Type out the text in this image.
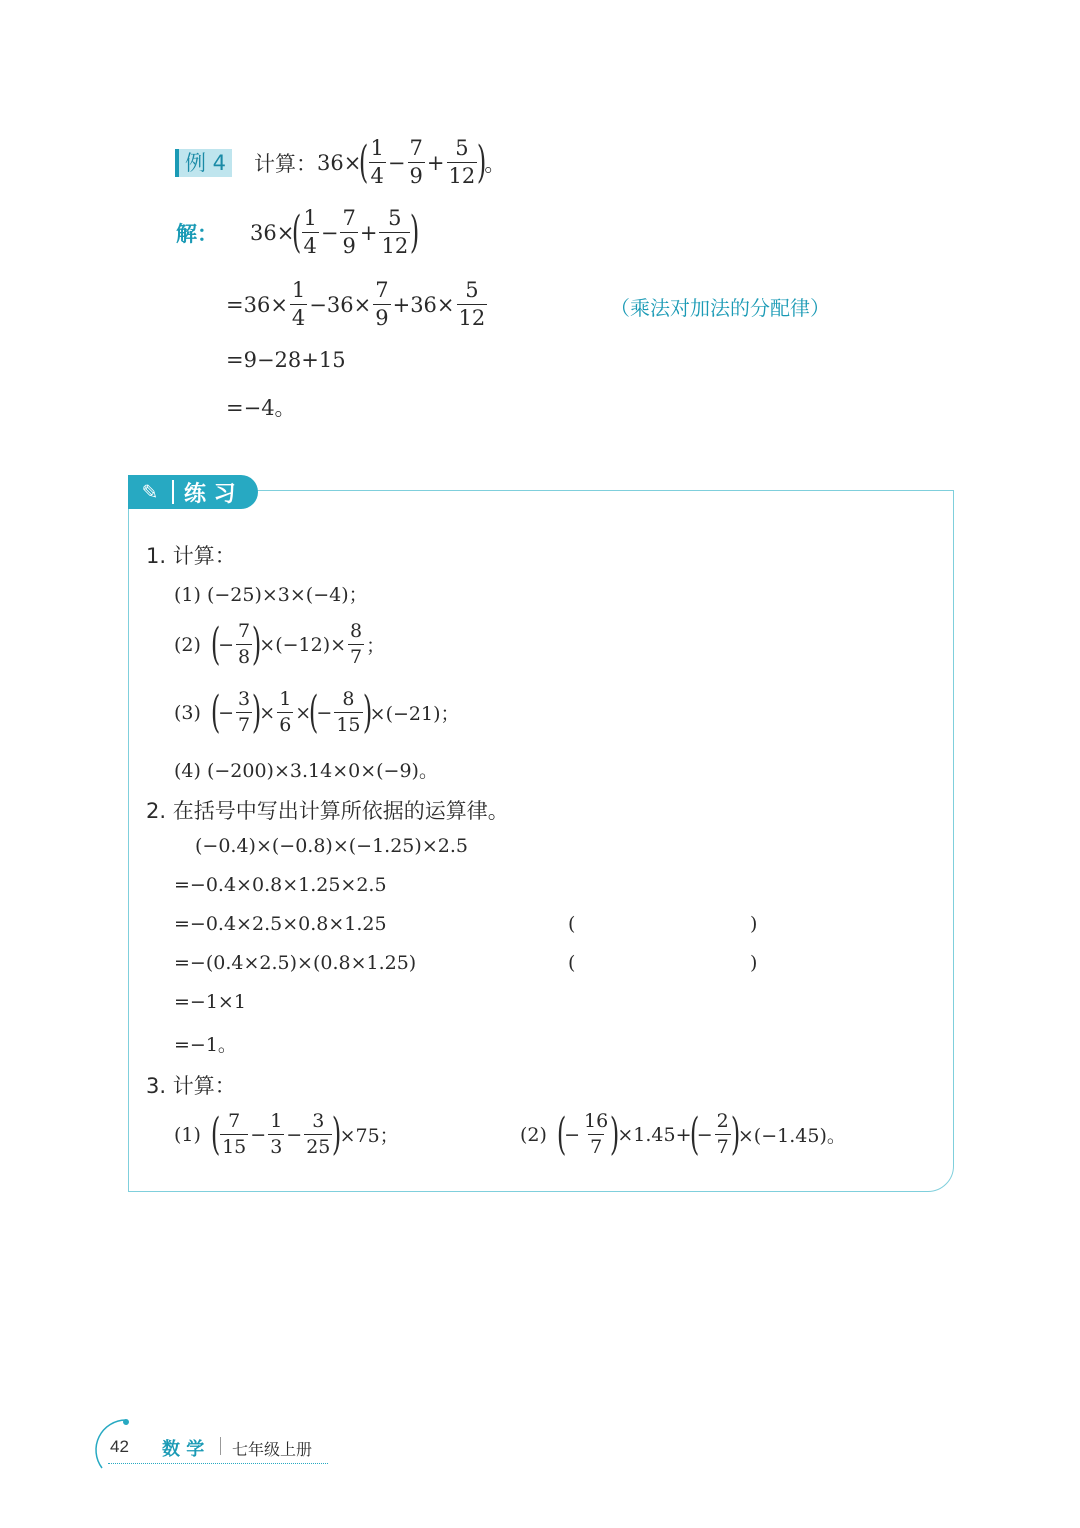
例 4 计算： 36×
( $\frac{1}{4} - \frac{7}{9} + \frac{5}{12}$ )
。
解： 36×
( $\frac{1}{4} - \frac{7}{9} + \frac{5}{12}$ )
$=36\times \frac{1}{4} -36\times \frac{7}{9} +36\times \frac{5}{12}$	（乘法对加法的分配律）
=9−28+15
=−4。
✎	练 习
1. 计算：
(1) (−25)×3×(−4)；
(2) (
− $\frac{7}{8}$ )
$\times(-12)\times \frac{8}{7}$ ；
(3) (
− $\frac{3}{7}$ )
× $\frac{1}{6}$ ×
(
− $\frac{8}{15}$ )
×(−21)；
(4) (−200)×3.14×0×(−9)。
2. 在括号中写出计算所依据的运算律。
(−0.4)×(−0.8)×(−1.25)×2.5
=−0.4×0.8×1.25×2.5
=−0.4×2.5×0.8×1.25	(	)
=−(0.4×2.5)×(0.8×1.25)	(	)
=−1×1
=−1。
3. 计算：
(1) ( $\frac{7}{15} - \frac{1}{3} - \frac{3}{25}$ )
×75；	(2) (
− $\frac{16}{7}$ )
×1.45+
(
− $\frac{2}{7}$ )
×(−1.45)。
42 数 学 七年级上册
